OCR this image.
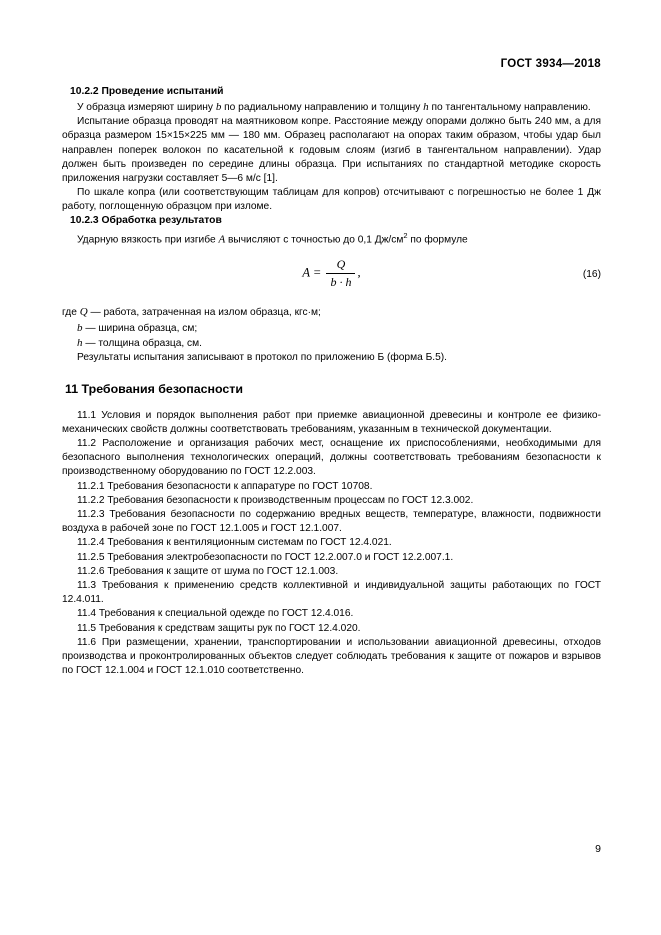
ГОСТ 3934—2018
10.2.2 Проведение испытаний

У образца измеряют ширину b по радиальному направлению и толщину h по тангентальному направлению.

Испытание образца проводят на маятниковом копре. Расстояние между опорами должно быть 240 мм, а для образца размером 15×15×225 мм — 180 мм. Образец располагают на опорах таким образом, чтобы удар был направлен поперек волокон по касательной к годовым слоям (изгиб в тангентальном направлении). Удар должен быть произведен по середине длины образца. При испытаниях по стандартной методике скорость приложения нагрузки составляет 5—6 м/с [1].

По шкале копра (или соответствующим таблицам для копров) отсчитывают с погрешностью не более 1 Дж работу, поглощенную образцом при изломе.

10.2.3 Обработка результатов

Ударную вязкость при изгибе A вычисляют с точностью до 0,1 $Дж/см^2$ по формуле

$A = \frac{Q}{b \cdot h}$ ,	(16)
где Q — работа, затраченная на излом образца, кгс·м;
b — ширина образца, см;
h — толщина образца, см.

Результаты испытания записывают в протокол по приложению Б (форма Б.5).

11 Требования безопасности

11.1 Условия и порядок выполнения работ при приемке авиационной древесины и контроле ее физико-механических свойств должны соответствовать требованиям, указанным в технической документации.

11.2 Расположение и организация рабочих мест, оснащение их приспособлениями, необходимыми для безопасного выполнения технологических операций, должны соответствовать требованиям безопасности к производственному оборудованию по ГОСТ 12.2.003.

11.2.1 Требования безопасности к аппаратуре по ГОСТ 10708.

11.2.2 Требования безопасности к производственным процессам по ГОСТ 12.3.002.

11.2.3 Требования безопасности по содержанию вредных веществ, температуре, влажности, подвижности воздуха в рабочей зоне по ГОСТ 12.1.005 и ГОСТ 12.1.007.

11.2.4 Требования к вентиляционным системам по ГОСТ 12.4.021.

11.2.5 Требования электробезопасности по ГОСТ 12.2.007.0 и ГОСТ 12.2.007.1.

11.2.6 Требования к защите от шума по ГОСТ 12.1.003.

11.3 Требования к применению средств коллективной и индивидуальной защиты работающих по ГОСТ 12.4.011.

11.4 Требования к специальной одежде по ГОСТ 12.4.016.

11.5 Требования к средствам защиты рук по ГОСТ 12.4.020.

11.6 При размещении, хранении, транспортировании и использовании авиационной древесины, отходов производства и проконтролированных объектов следует соблюдать требования к защите от пожаров и взрывов по ГОСТ 12.1.004 и ГОСТ 12.1.010 соответственно.

9
